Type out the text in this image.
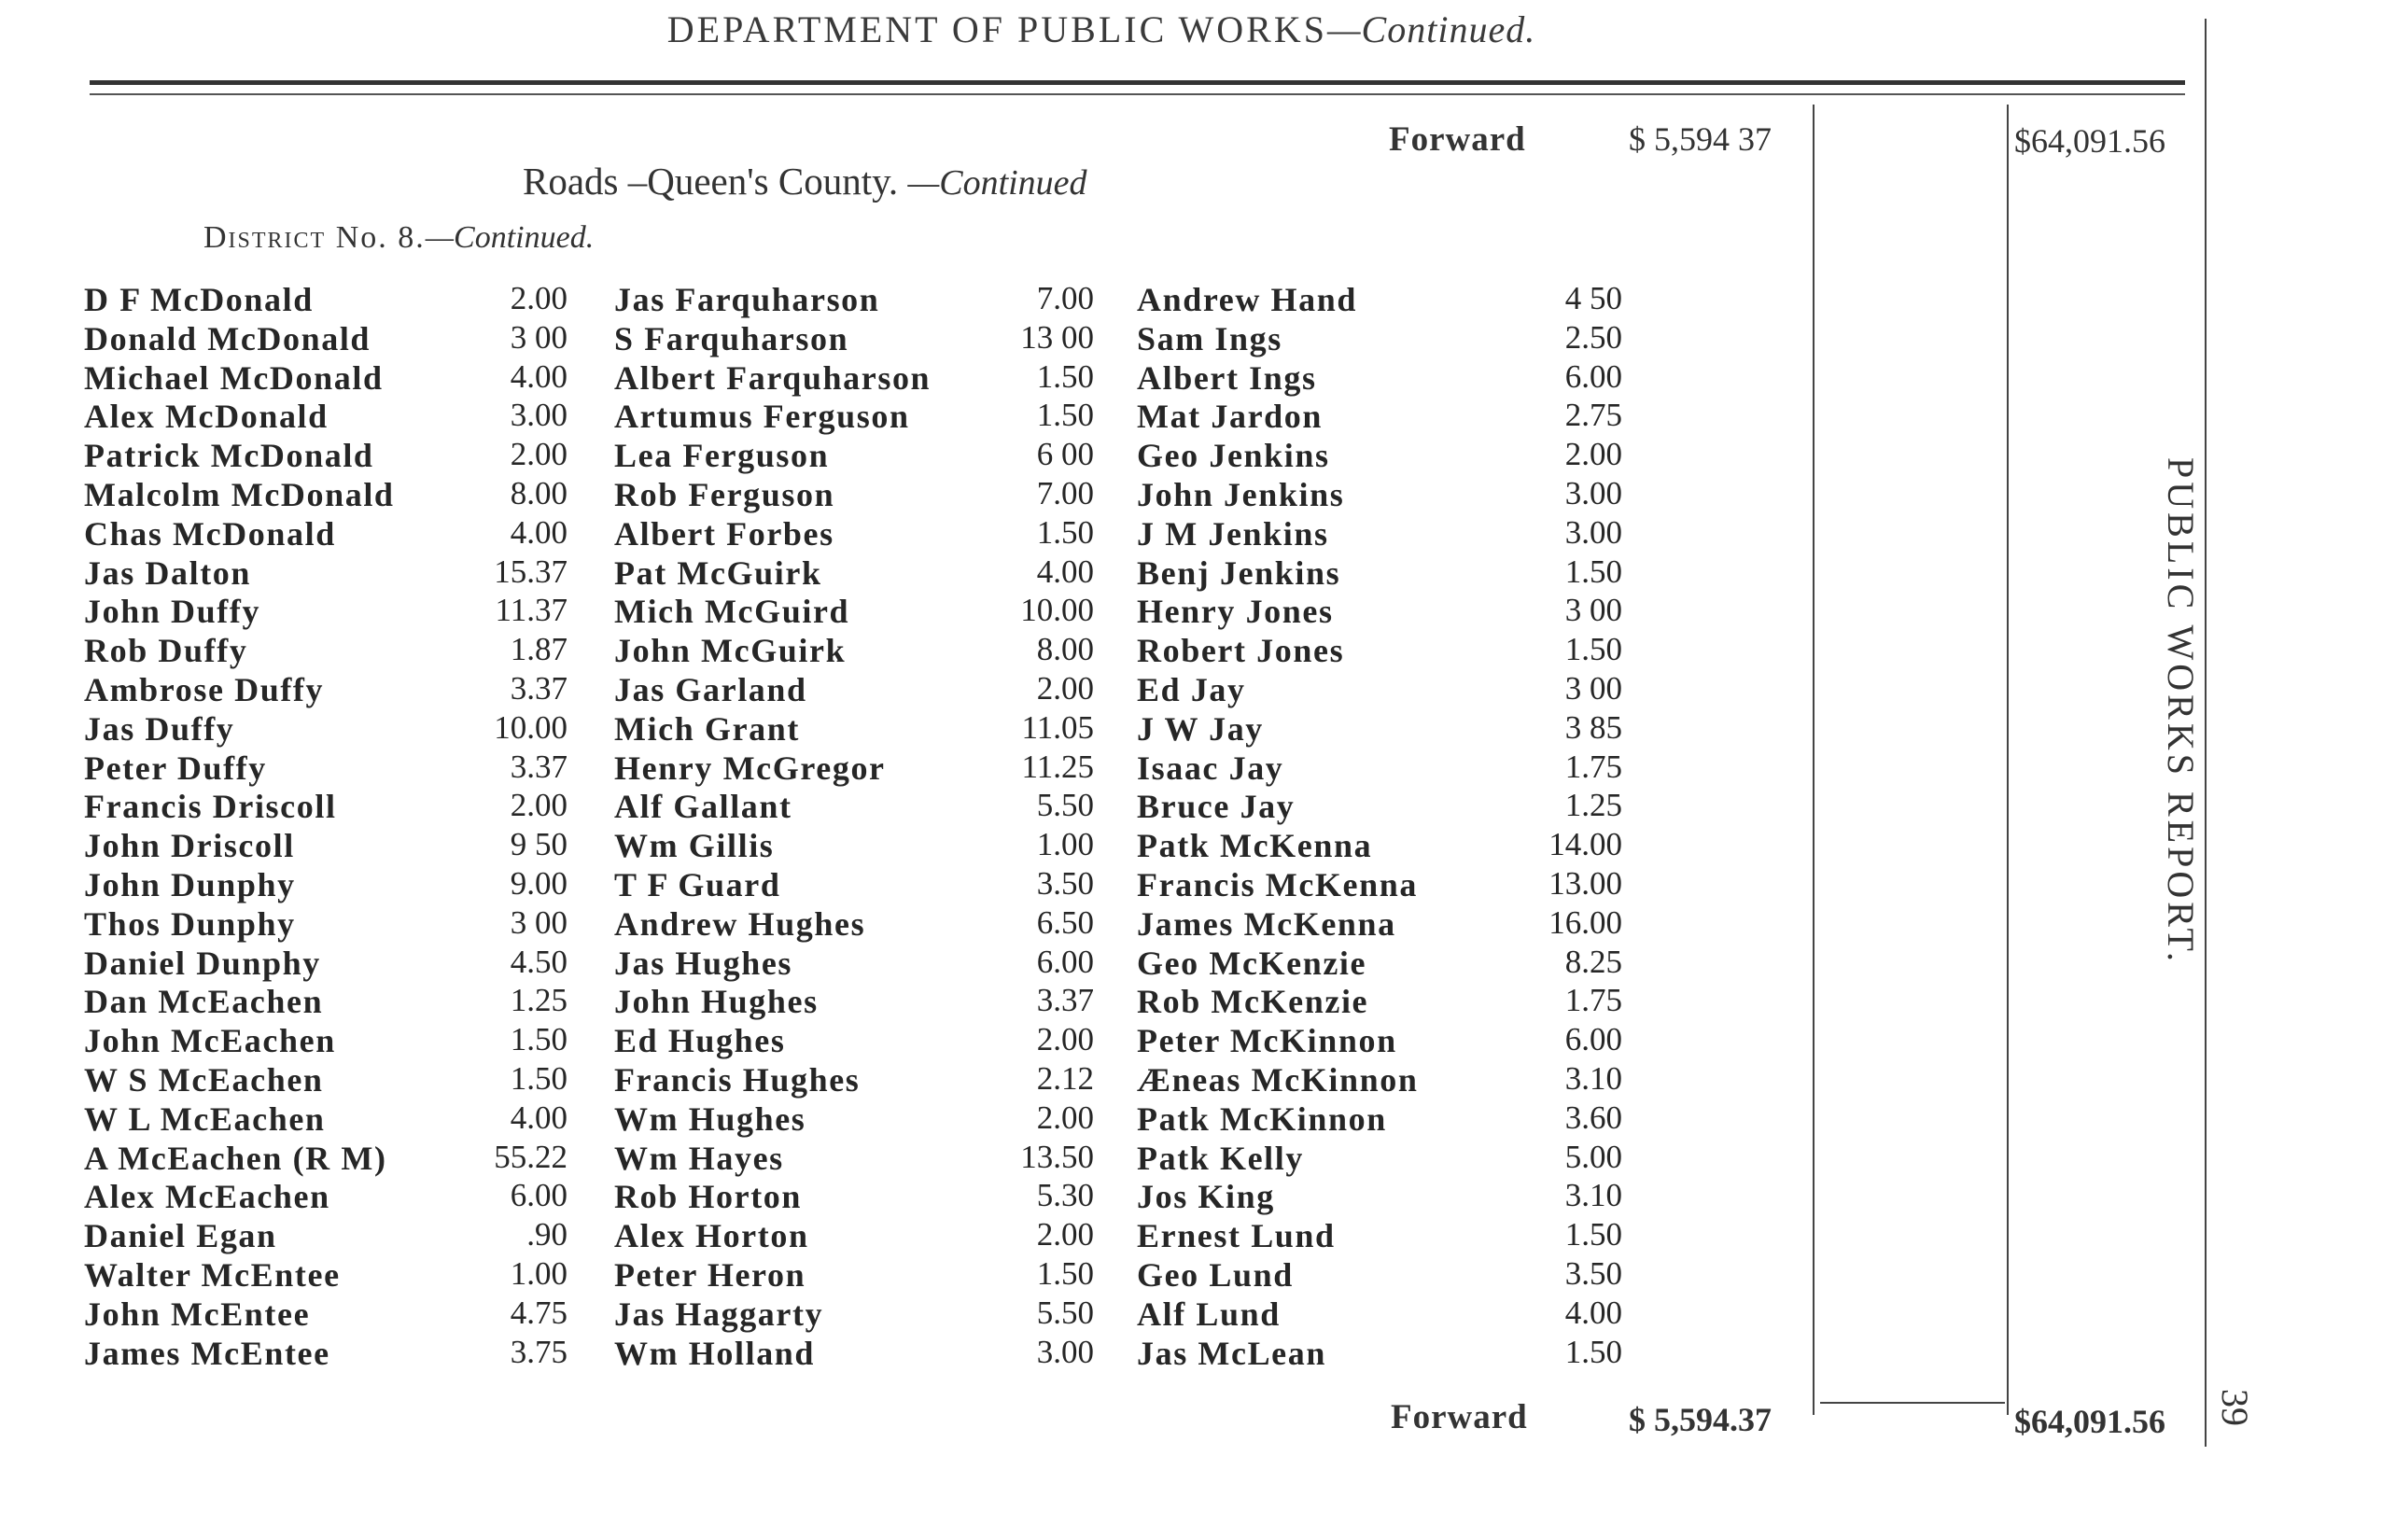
DEPARTMENT OF PUBLIC WORKS—Continued.
Forward	$ 5,594 37	$64,091.56
Roads –Queen's County. —Continued
District No. 8.—Continued.
D F McDonald	2.00
Donald McDonald	3 00
Michael McDonald	4.00
Alex McDonald	3.00
Patrick McDonald	2.00
Malcolm McDonald	8.00
Chas McDonald	4.00
Jas Dalton	15.37
John Duffy	11.37
Rob Duffy	1.87
Ambrose Duffy	3.37
Jas Duffy	10.00
Peter Duffy	3.37
Francis Driscoll	2.00
John Driscoll	9 50
John Dunphy	9.00
Thos Dunphy	3 00
Daniel Dunphy	4.50
Dan McEachen	1.25
John McEachen	1.50
W S McEachen	1.50
W L McEachen	4.00
A McEachen (R M)	55.22
Alex McEachen	6.00
Daniel Egan	.90
Walter McEntee	1.00
John McEntee	4.75
James McEntee	3.75
Jas Farquharson	7.00
S Farquharson	13 00
Albert Farquharson	1.50
Artumus Ferguson	1.50
Lea Ferguson	6 00
Rob Ferguson	7.00
Albert Forbes	1.50
Pat McGuirk	4.00
Mich McGuird	10.00
John McGuirk	8.00
Jas Garland	2.00
Mich Grant	11.05
Henry McGregor	11.25
Alf Gallant	5.50
Wm Gillis	1.00
T F Guard	3.50
Andrew Hughes	6.50
Jas Hughes	6.00
John Hughes	3.37
Ed Hughes	2.00
Francis Hughes	2.12
Wm Hughes	2.00
Wm Hayes	13.50
Rob Horton	5.30
Alex Horton	2.00
Peter Heron	1.50
Jas Haggarty	5.50
Wm Holland	3.00
Andrew Hand	4 50
Sam Ings	2.50
Albert Ings	6.00
Mat Jardon	2.75
Geo Jenkins	2.00
John Jenkins	3.00
J M Jenkins	3.00
Benj Jenkins	1.50
Henry Jones	3 00
Robert Jones	1.50
Ed Jay	3 00
J W Jay	3 85
Isaac Jay	1.75
Bruce Jay	1.25
Patk McKenna	14.00
Francis McKenna	13.00
James McKenna	16.00
Geo McKenzie	8.25
Rob McKenzie	1.75
Peter McKinnon	6.00
Æneas McKinnon	3.10
Patk McKinnon	3.60
Patk Kelly	5.00
Jos King	3.10
Ernest Lund	1.50
Geo Lund	3.50
Alf Lund	4.00
Jas McLean	1.50
Forward	$ 5,594.37	$64,091.56
PUBLIC WORKS REPORT.
39
